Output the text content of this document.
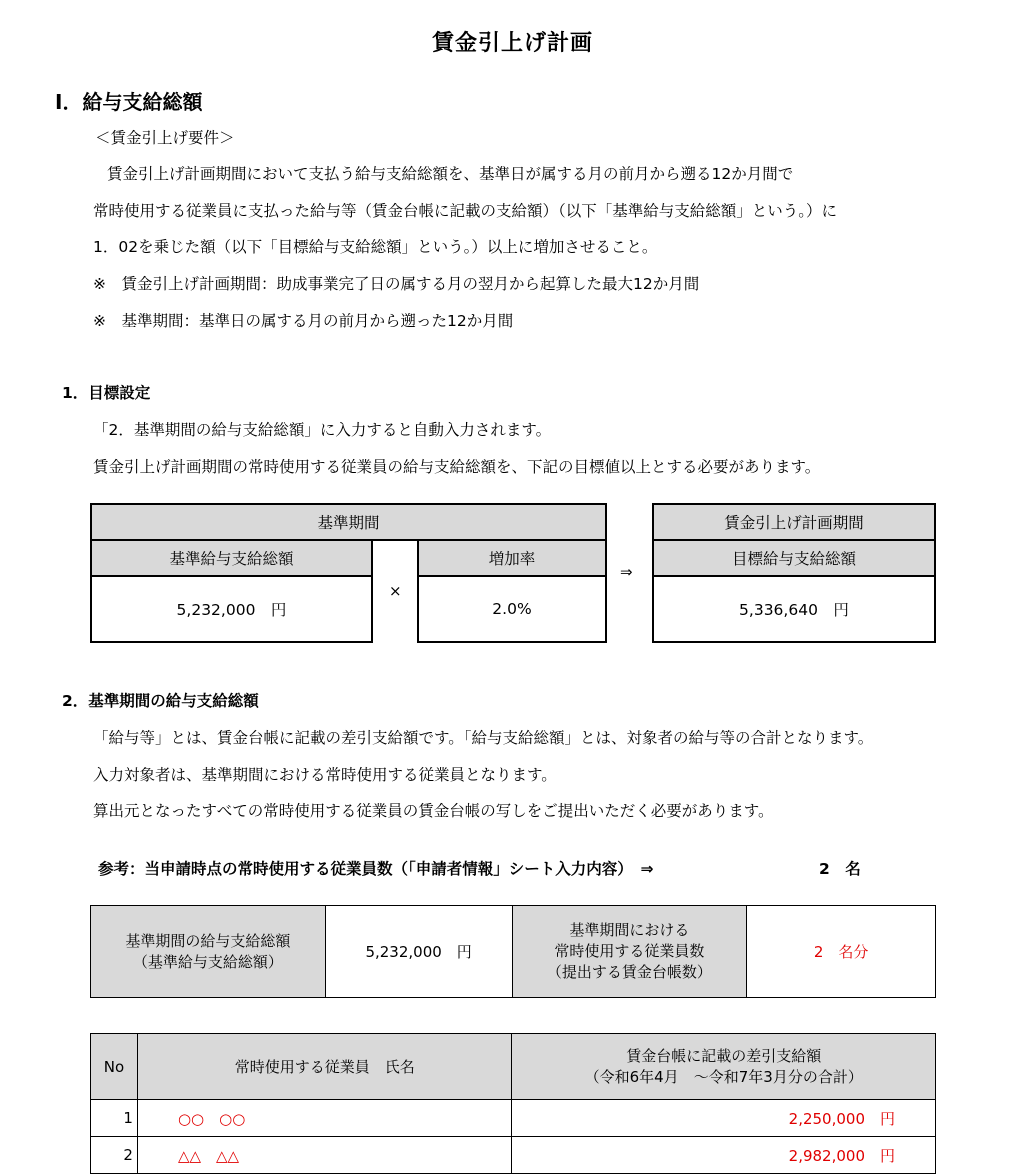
賃金引上げ計画
Ⅰ．給与支給総額
＜賃金引上げ要件＞
賃金引上げ計画期間において支払う給与支給総額を、基準日が属する月の前月から遡る12か月間で
常時使用する従業員に支払った給与等（賃金台帳に記載の支給額）（以下「基準給与支給総額」という。）に
1．02を乗じた額（以下「目標給与支給総額」という。）以上に増加させること。
※　賃金引上げ計画期間：助成事業完了日の属する月の翌月から起算した最大12か月間
※　基準期間：基準日の属する月の前月から遡った12か月間
1．目標設定
「2．基準期間の給与支給総額」に入力すると自動入力されます。
賃金引上げ計画期間の常時使用する従業員の給与支給総額を、下記の目標値以上とする必要があります。
基準期間
基準給与支給総額	増加率
5,232,000　円	2.0%
×
⇒
賃金引上げ計画期間
目標給与支給総額
5,336,640　円
2．基準期間の給与支給総額
「給与等」とは、賃金台帳に記載の差引支給額です。「給与支給総額」とは、対象者の給与等の合計となります。
入力対象者は、基準期間における常時使用する従業員となります。
算出元となったすべての常時使用する従業員の賃金台帳の写しをご提出いただく必要があります。
参考：当申請時点の常時使用する従業員数（「申請者情報」シート入力内容）　⇒	2　名
基準期間の給与支給総額
（基準給与支給総額）
	5,232,000　円	
基準期間における
常時使用する従業員数
（提出する賃金台帳数）
	2　名分
No	常時使用する従業員　氏名	賃金台帳に記載の差引支給額
（令和6年4月　～令和7年3月分の合計）

1	○○　○○	2,250,000　円
2	△△　△△	2,982,000　円
